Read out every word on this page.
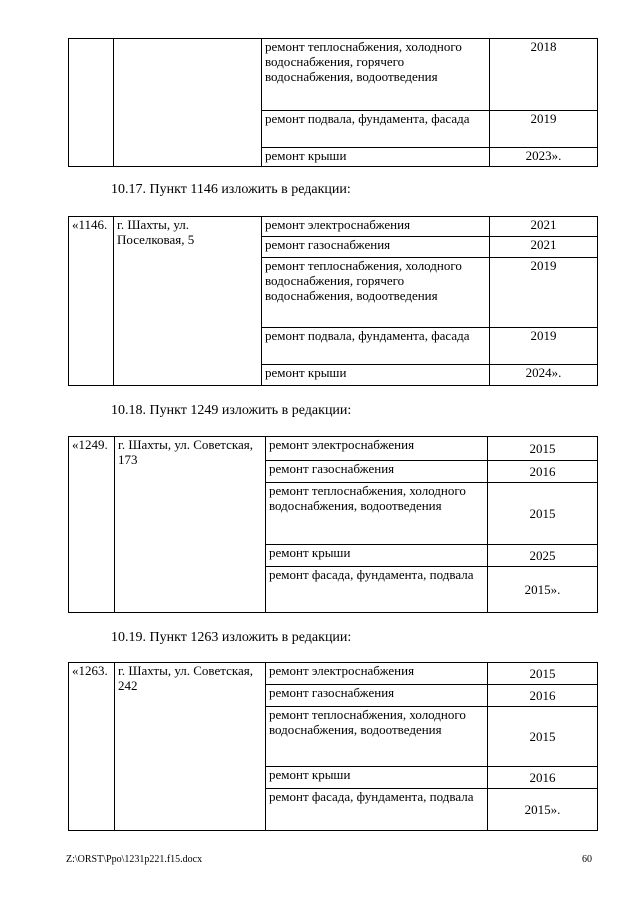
		ремонт теплоснабжения, холодного водоснабжения, горячего водоснабжения, водоотведения	2018
		ремонт подвала, фундамента, фасада	2019
		ремонт крыши	2023».
10.17. Пункт 1146 изложить в редакции:
«1146.	г. Шахты, ул. Поселковая, 5	ремонт электроснабжения	2021
		ремонт газоснабжения	2021
		ремонт теплоснабжения, холодного водоснабжения, горячего водоснабжения, водоотведения	2019
		ремонт подвала, фундамента, фасада	2019
		ремонт крыши	2024».
10.18. Пункт 1249 изложить в редакции:
«1249.	г. Шахты, ул. Советская, 173	ремонт электроснабжения	2015
		ремонт газоснабжения	2016
		ремонт теплоснабжения, холодного водоснабжения, водоотведения	2015
		ремонт крыши	2025
		ремонт фасада, фундамента, подвала	2015».
10.19. Пункт 1263 изложить в редакции:
«1263.	г. Шахты, ул. Советская, 242	ремонт электроснабжения	2015
		ремонт газоснабжения	2016
		ремонт теплоснабжения, холодного водоснабжения, водоотведения	2015
		ремонт крыши	2016
		ремонт фасада, фундамента, подвала	2015».
Z:\ORST\Ppo\1231p221.f15.docx	60
